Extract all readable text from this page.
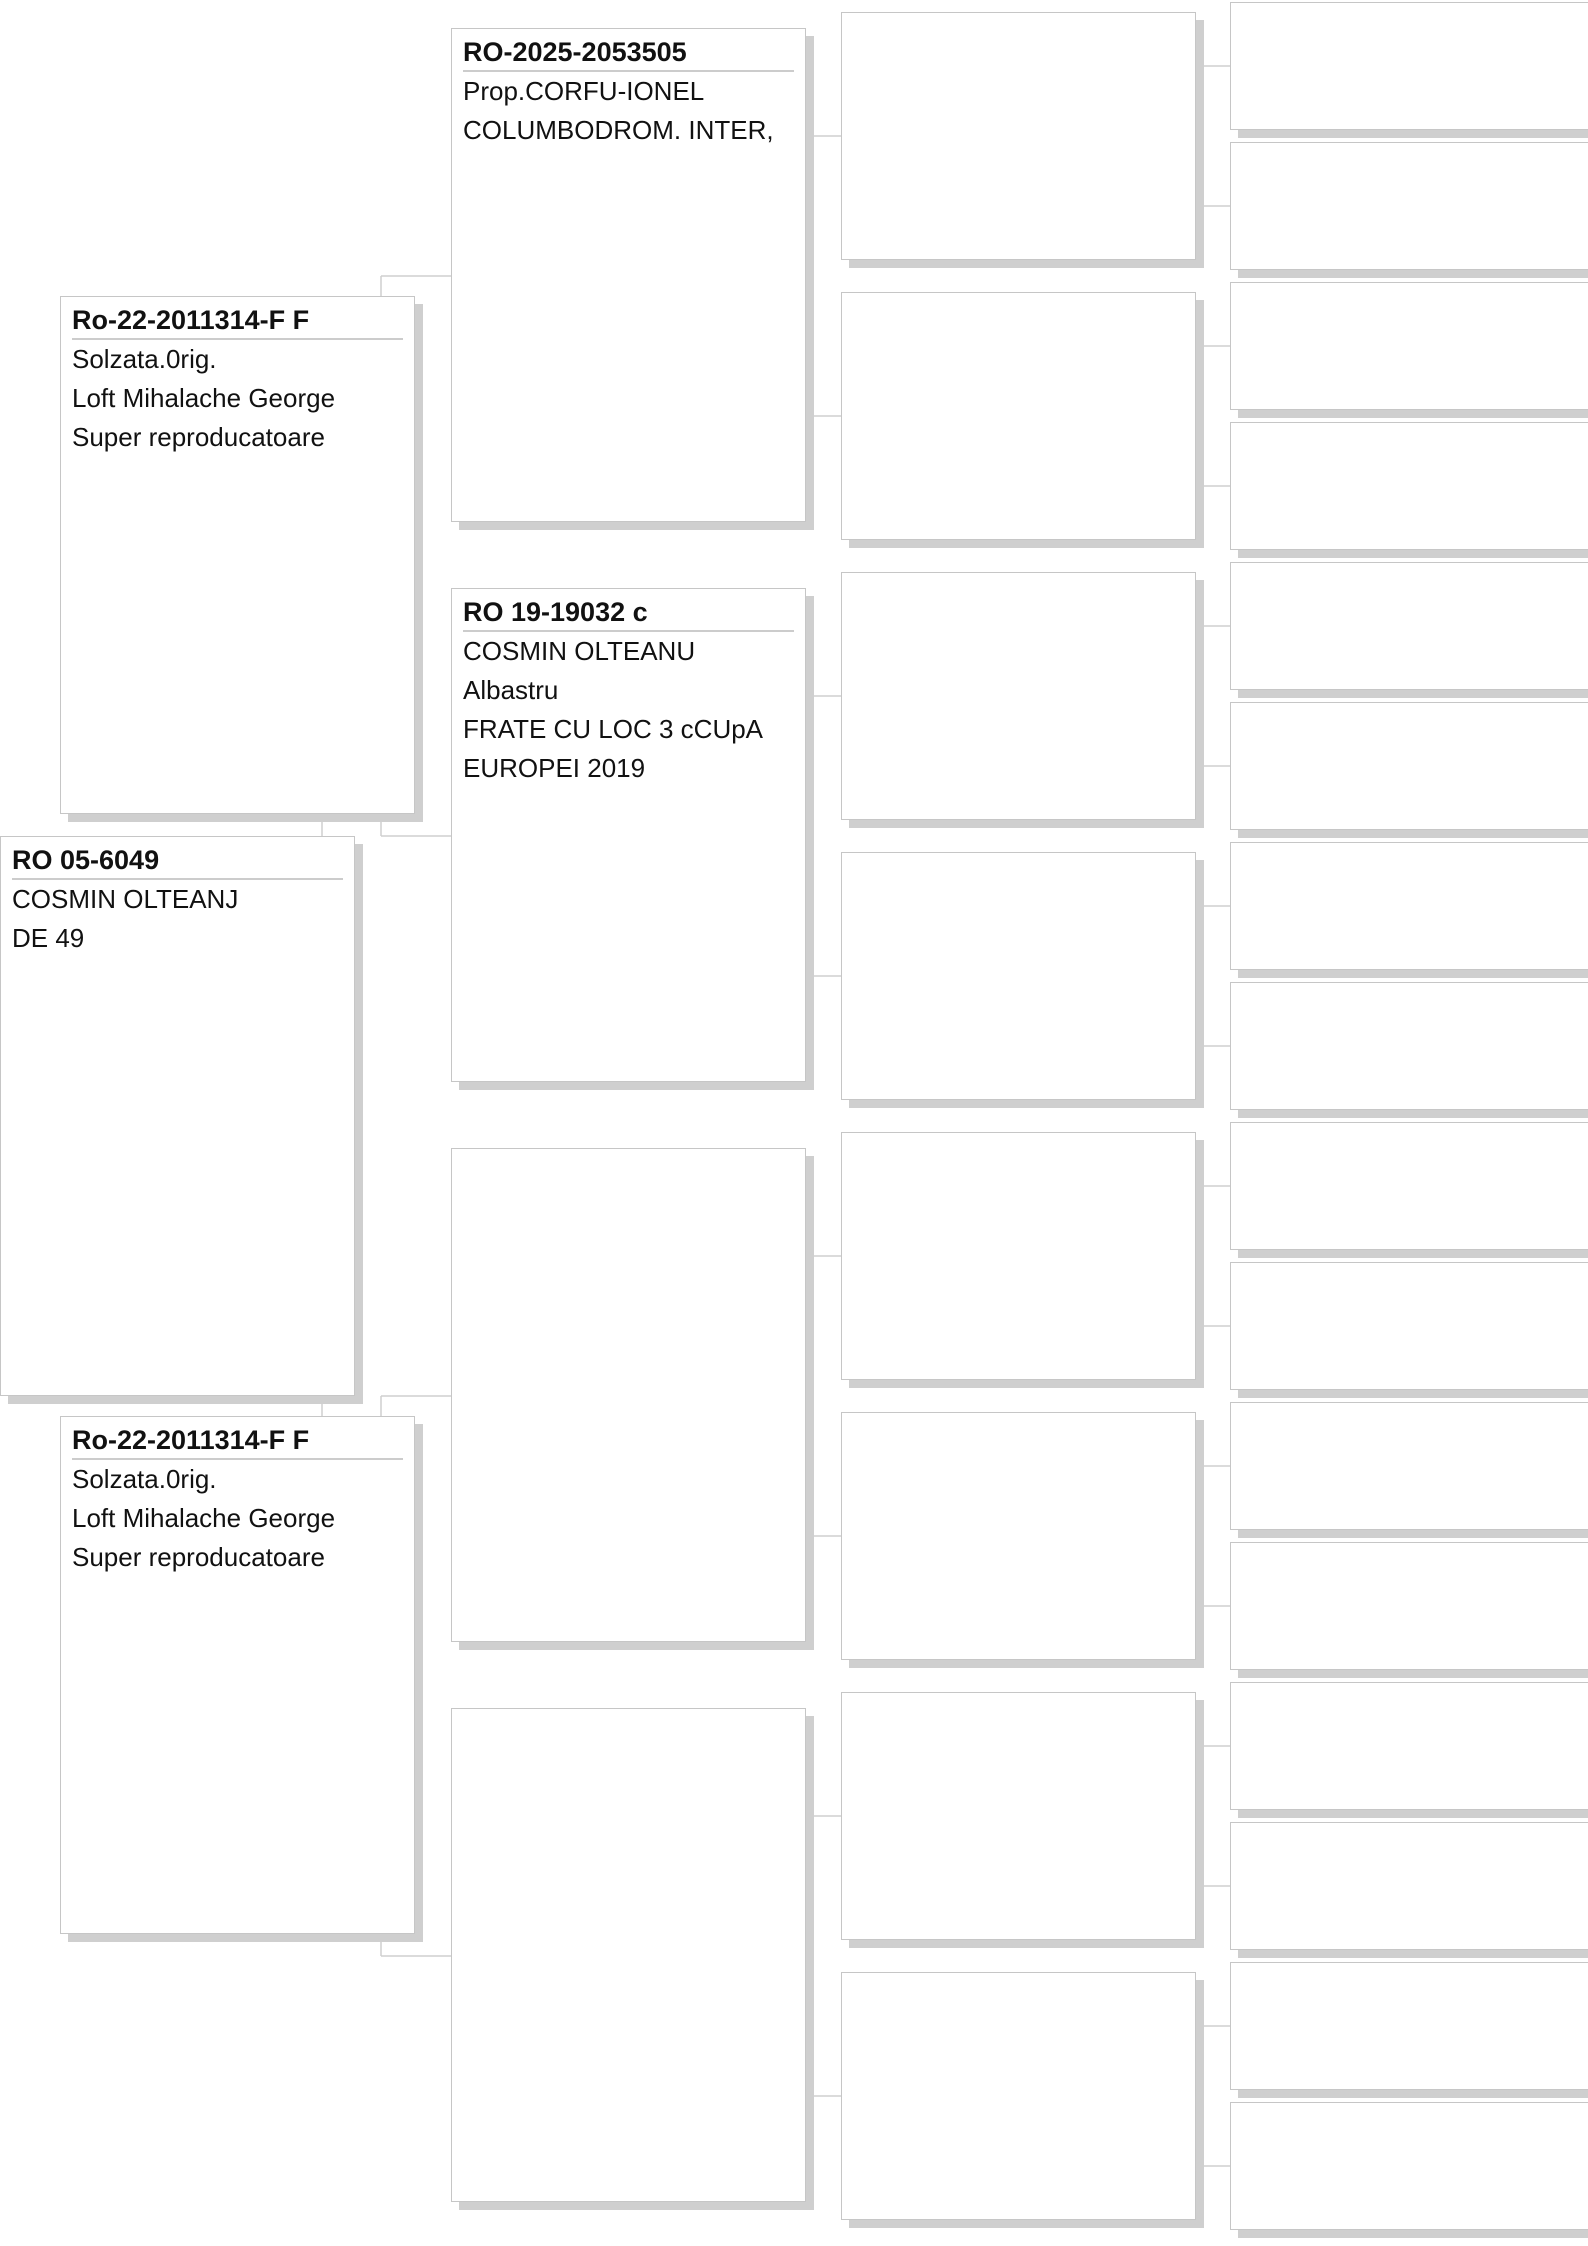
RO 05-6049
COSMIN OLTEANJ
DE 49
Ro-22-2011314-F F
Solzata.0rig.
Loft Mihalache George
Super reproducatoare
Ro-22-2011314-F F
Solzata.0rig.
Loft Mihalache George
Super reproducatoare
RO-2025-2053505
Prop.CORFU-IONEL
COLUMBODROM. INTER,
RO 19-19032 c
COSMIN OLTEANU
Albastru
FRATE CU LOC 3 cCUpA
EUROPEI 2019
